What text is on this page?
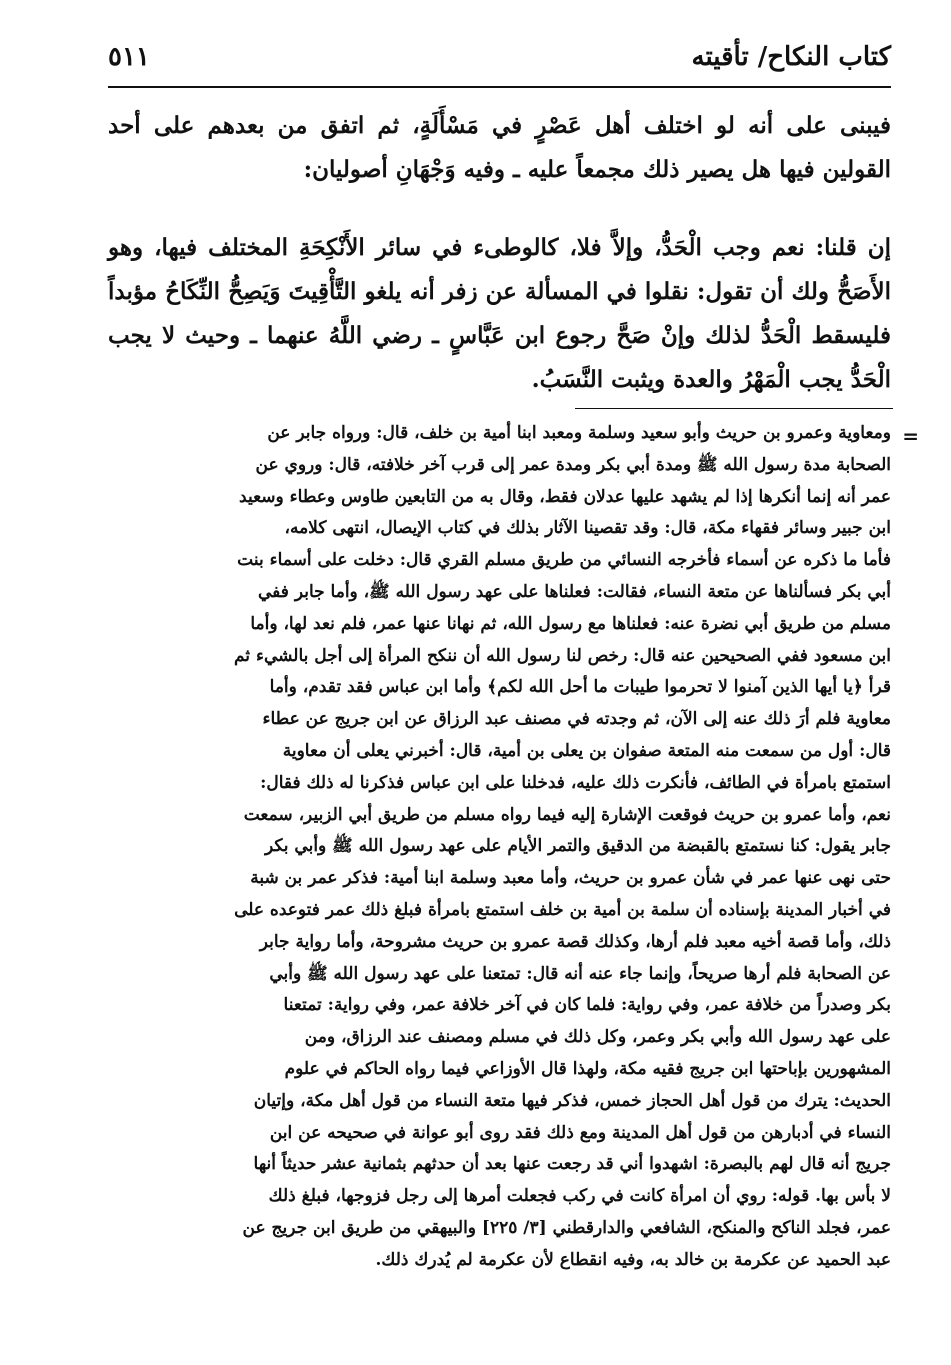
كتاب النكاح/ تأقيته
٥١١

فيبنى على أنه لو اختلف أهل عَصْرٍ في مَسْأَلَةٍ، ثم اتفق من بعدهم على أحد القولين فيها هل يصير ذلك مجمعاً عليه ـ وفيه وَجْهَانِ أصوليان:

إن قلنا: نعم وجب الْحَدُّ، وإلاَّ فلا، كالوطىء في سائر الأَنْكِحَةِ المختلف فيها، وهو الأَصَحُّ ولك أن تقول: نقلوا في المسألة عن زفر أنه يلغو التَّأْقِيتَ وَيَصِحُّ النِّكَاحُ مؤبداً فليسقط الْحَدُّ لذلك وإنْ صَحَّ رجوع ابن عَبَّاسٍ ـ رضي اللَّهُ عنهما ـ وحيث لا يجب الْحَدُّ يجب الْمَهْرُ والعدة ويثبت النَّسَبُ.

=
ومعاوية وعمرو بن حريث وأبو سعيد وسلمة ومعبد ابنا أمية بن خلف، قال: ورواه جابر عن
الصحابة مدة رسول الله ﷺ ومدة أبي بكر ومدة عمر إلى قرب آخر خلافته، قال: وروي عن
عمر أنه إنما أنكرها إذا لم يشهد عليها عدلان فقط، وقال به من التابعين طاوس وعطاء وسعيد
ابن جبير وسائر فقهاء مكة، قال: وقد تقصينا الآثار بذلك في كتاب الإيصال، انتهى كلامه،
فأما ما ذكره عن أسماء فأخرجه النسائي من طريق مسلم القري قال: دخلت على أسماء بنت
أبي بكر فسألناها عن متعة النساء، فقالت: فعلناها على عهد رسول الله ﷺ، وأما جابر ففي
مسلم من طريق أبي نضرة عنه: فعلناها مع رسول الله، ثم نهانا عنها عمر، فلم نعد لها، وأما
ابن مسعود ففي الصحيحين عنه قال: رخص لنا رسول الله أن ننكح المرأة إلى أجل بالشيء ثم
قرأ ﴿يا أيها الذين آمنوا لا تحرموا طيبات ما أحل الله لكم﴾ وأما ابن عباس فقد تقدم، وأما
معاوية فلم أرَ ذلك عنه إلى الآن، ثم وجدته في مصنف عبد الرزاق عن ابن جريج عن عطاء
قال: أول من سمعت منه المتعة صفوان بن يعلى بن أمية، قال: أخبرني يعلى أن معاوية
استمتع بامرأة في الطائف، فأنكرت ذلك عليه، فدخلنا على ابن عباس فذكرنا له ذلك فقال:
نعم، وأما عمرو بن حريث فوقعت الإشارة إليه فيما رواه مسلم من طريق أبي الزبير، سمعت
جابر يقول: كنا نستمتع بالقبضة من الدقيق والتمر الأيام على عهد رسول الله ﷺ وأبي بكر
حتى نهى عنها عمر في شأن عمرو بن حريث، وأما معبد وسلمة ابنا أمية: فذكر عمر بن شبة
في أخبار المدينة بإسناده أن سلمة بن أمية بن خلف استمتع بامرأة فبلغ ذلك عمر فتوعده على
ذلك، وأما قصة أخيه معبد فلم أرها، وكذلك قصة عمرو بن حريث مشروحة، وأما رواية جابر
عن الصحابة فلم أرها صريحاً، وإنما جاء عنه أنه قال: تمتعنا على عهد رسول الله ﷺ وأبي
بكر وصدراً من خلافة عمر، وفي رواية: فلما كان في آخر خلافة عمر، وفي رواية: تمتعنا
على عهد رسول الله وأبي بكر وعمر، وكل ذلك في مسلم ومصنف عند الرزاق، ومن
المشهورين بإباحتها ابن جريج فقيه مكة، ولهذا قال الأوزاعي فيما رواه الحاكم في علوم
الحديث: يترك من قول أهل الحجاز خمس، فذكر فيها متعة النساء من قول أهل مكة، وإتيان
النساء في أدبارهن من قول أهل المدينة ومع ذلك فقد روى أبو عوانة في صحيحه عن ابن
جريج أنه قال لهم بالبصرة: اشهدوا أني قد رجعت عنها بعد أن حدثهم بثمانية عشر حديثاً أنها
لا بأس بها. قوله: روي أن امرأة كانت في ركب فجعلت أمرها إلى رجل فزوجها، فبلغ ذلك
عمر، فجلد الناكح والمنكح، الشافعي والدارقطني [٣/ ٢٢٥] والبيهقي من طريق ابن جريج عن
عبد الحميد عن عكرمة بن خالد به، وفيه انقطاع لأن عكرمة لم يُدرك ذلك.
